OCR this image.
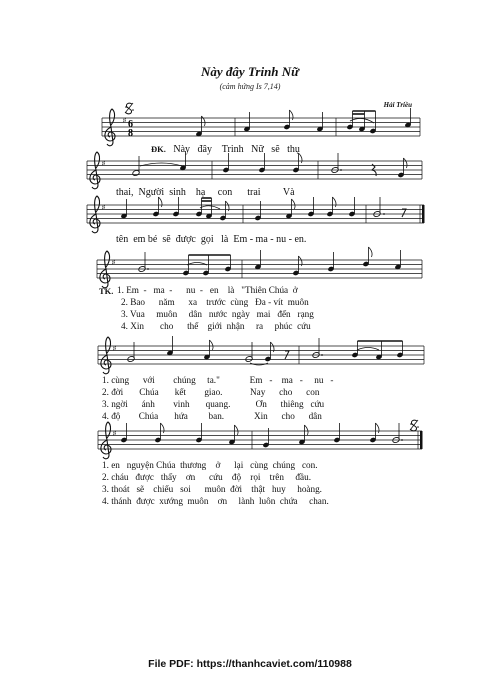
Này đây Trinh Nữ
(cảm hứng Is 7,14)
Hải Triều
♯ 6
8
♯
♯
♯
♯
♯
ĐK. Này   đây    Trinh   Nữ   sẽ   thụ
thai,  Người  sinh    hạ     con      trai         Và
tên  em bé  sẽ  được  gọi   là  Em - ma - nu - en.
TK. 1. Em  -   ma  -      nu  -   en    là   "Thiên Chúa  ở
2. Bao      năm      xa    trước  cùng   Đa - vít  muôn
3. Vua     muôn     dân   nước  ngày   mai   đến   rạng
4. Xin       cho      thế    giới  nhận     ra     phúc  cứu
1. cùng      với        chúng     ta."             Em   -    ma   -     nu   -
2. đời       Chúa       kết        giao.            Nay      cho      con
3. ngời      ánh        vinh       quang.           Ơn      thiêng   cứu
4. độ        Chúa       hứa         ban.             Xin      cho      dân
1. en   nguyện Chúa  thương    ở      lại   cùng  chúng   con.
2. cháu   được   thấy    ơn      cứu    độ    rọi    trên     đầu.
3. thoát   sẽ    chiếu   soi      muôn  đời    thật   huy     hoàng.
4. thánh  được  xướng  muôn    ơn     lành  luôn  chứa     chan.
File PDF: https://thanhcaviet.com/110988
